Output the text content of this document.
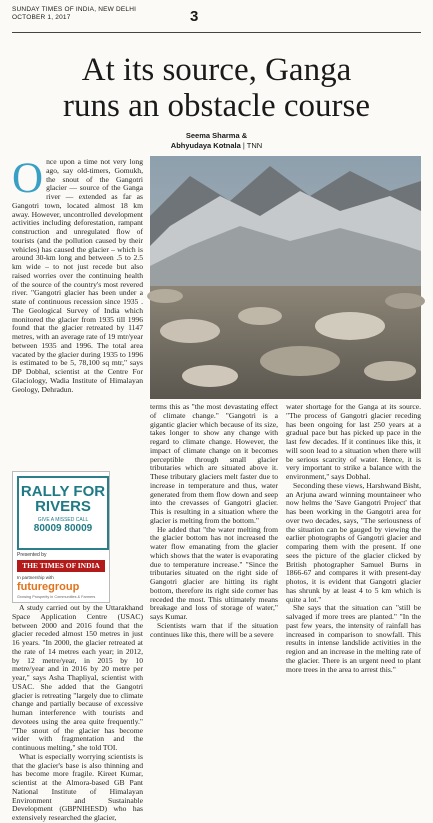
SUNDAY TIMES OF INDIA, NEW DELHI
OCTOBER 1, 2017	3
At its source, Ganga
runs an obstacle course
Seema Sharma &
Abhyudaya Kotnala | TNN

Once upon a time not very long ago, say old-timers, Gomukh, the snout of the Gangotri glacier — source of the Ganga river — extended as far as Gangotri town, located almost 18 km away. However, uncontrolled development activities including deforestation, rampant construction and unregulated flow of tourists (and the pollution caused by their vehicles) has caused the glacier – which is around 30-km long and between .5 to 2.5 km wide – to not just recede but also raised worries over the continuing health of the source of the country's most revered river. "Gangotri glacier has been under a state of continuous recession since 1935 . The Geological Survey of India which monitored the glacier from 1935 till 1996 found that the glacier retreated by 1147 metres, with an average rate of 19 mtr/year between 1935 and 1996. The total area vacated by the glacier during 1935 to 1996 is estimated to be 5, 78,100 sq mtr," says DP Dobhal, scientist at the Centre For Glaciology, Wadia Institute of Himalayan Geology, Dehradun.

RALLY FOR
RIVERS
GIVE A MISSED CALL
80009 80009
Presented by
THE TIMES OF INDIA
In partnership with
futuregroup
Growing Prosperity in Communities & Farmers

A study carried out by the Uttarakhand Space Application Centre (USAC) between 2000 and 2016 found that the glacier receded almost 150 metres in just 16 years. "In 2000, the glacier retreated at the rate of 14 metres each year; in 2012, by 12 metre/year, in 2015 by 10 metre/year and in 2016 by 20 metre per year," says Asha Thapliyal, scientist with USAC. She added that the Gangotri glacier is retreating "largely due to climate change and partially because of excessive human interference with tourists and devotees using the area quite frequently." "The snout of the glacier has become wider with fragmentation and the continuous melting," she told TOI.

What is especially worrying scientists is that the glacier's base is also thinning and has become more fragile. Kireet Kumar, scientist at the Almora-based GB Pant National Institute of Himalayan Environment and Sustainable Development (GBPNIHESD) who has extensively researched the glacier,

terms this as "the most devastating effect of climate change." "Gangotri is a gigantic glacier which because of its size, takes longer to show any change with regard to climate change. However, the impact of climate change on it becomes perceptible through small glacier tributaries which are situated above it. These tributary glaciers melt faster due to increase in temperature and thus, water generated from them flow down and seep into the crevasses of Gangotri glacier. This is resulting in a situation where the glacier is melting from the bottom."

He added that "the water melting from the glacier bottom has not increased the water flow emanating from the glacier which shows that the water is evaporating due to temperature increase." "Since the tributaries situated on the right side of Gangotri glacier are hitting its right bottom, therefore its right side corner has receded the most. This ultimately means breakage and loss of storage of water," says Kumar.

Scientists warn that if the situation continues like this, there will be a severe

water shortage for the Ganga at its source. "The process of Gangotri glacier receding has been ongoing for last 250 years at a gradual pace but has picked up pace in the last few decades. If it continues like this, it will soon lead to a situation when there will be serious scarcity of water. Hence, it is very important to strike a balance with the environment," says Dobhal.

Seconding these views, Harshwand Bisht, an Arjuna award winning mountaineer who now helms the 'Save Gangotri Project' that has been working in the Gangotri area for over two decades, says, "The seriousness of the situation can be gauged by viewing the earlier photographs of Gangotri glacier and comparing them with the present. If one sees the picture of the glacier clicked by British photographer Samuel Burns in 1866-67 and compares it with present-day photos, it is evident that Gangotri glacier has shrunk by at least 4 to 5 km which is quite a lot."

She says that the situation can "still be salvaged if more trees are planted." "In the past few years, the intensity of rainfall has increased in comparison to snowfall. This results in intense landslide activities in the region and an increase in the melting rate of the glacier. There is an urgent need to plant more trees in the area to arrest this."
